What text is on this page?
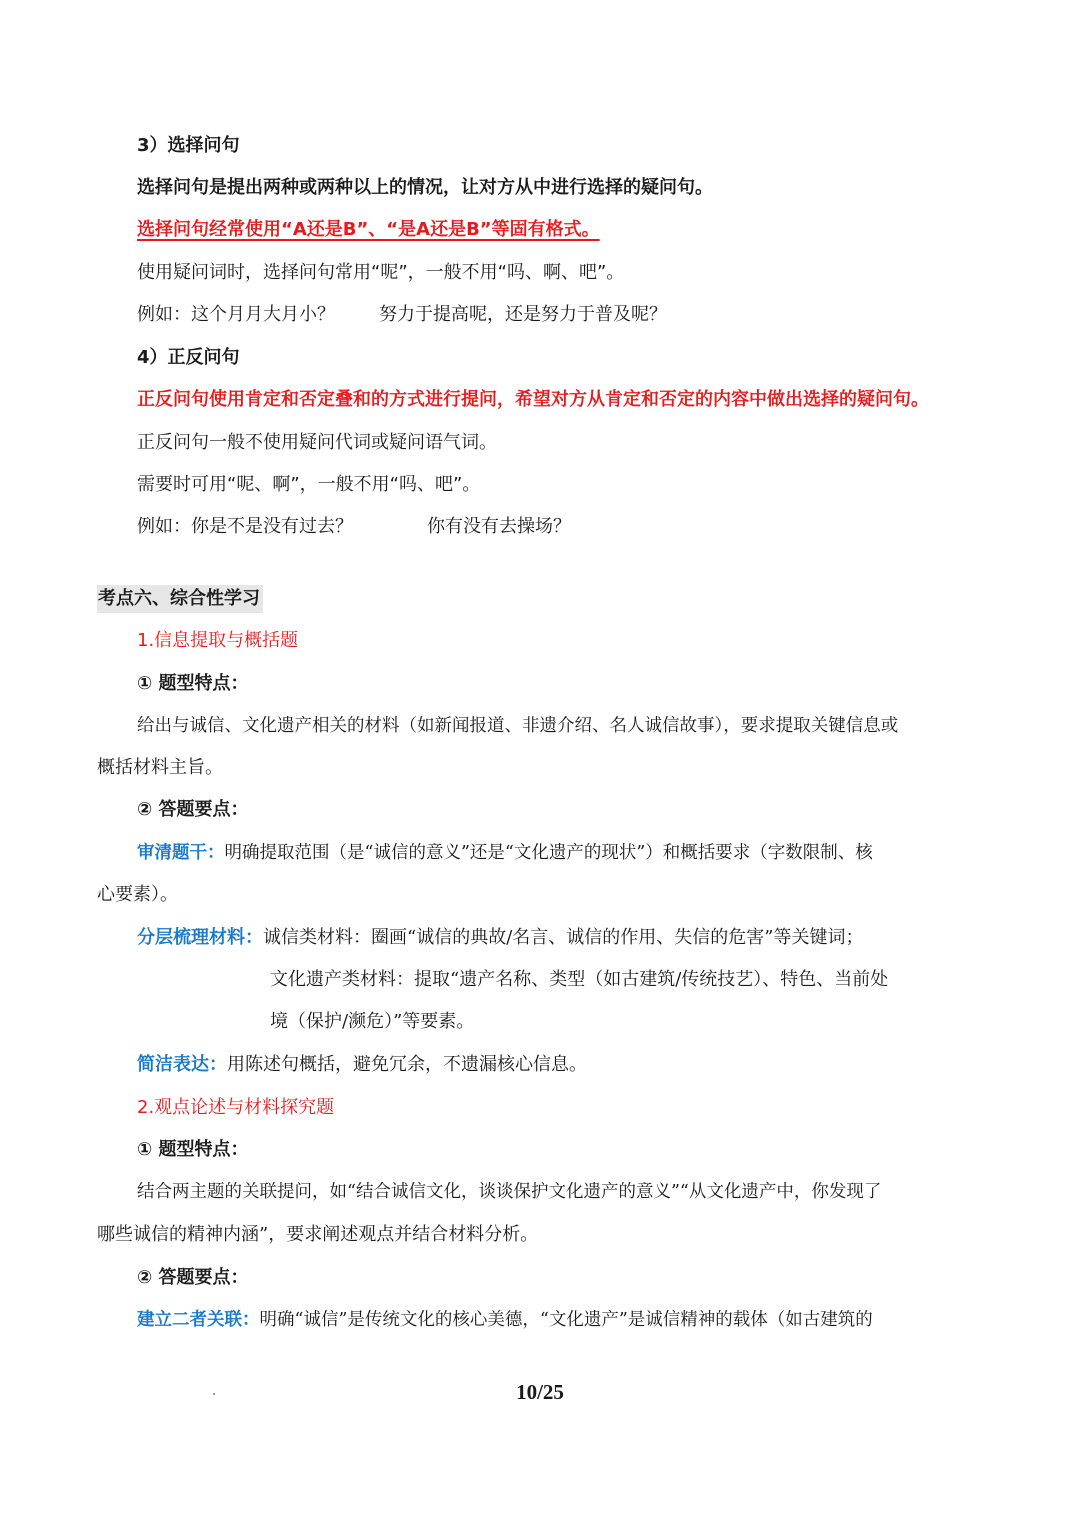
3）选择问句
选择问句是提出两种或两种以上的情况，让对方从中进行选择的疑问句。
选择问句经常使用“A还是B”、“是A还是B”等固有格式。
使用疑问词时，选择问句常用“呢”，一般不用“吗、啊、吧”。
例如：这个月月大月小？ 努力于提高呢，还是努力于普及呢？
4）正反问句
正反问句使用肯定和否定叠和的方式进行提问，希望对方从肯定和否定的内容中做出选择的疑问句。
正反问句一般不使用疑问代词或疑问语气词。
需要时可用“呢、啊”，一般不用“吗、吧”。
例如：你是不是没有过去？	你有没有去操场？
考点六、综合性学习
1.信息提取与概括题
① 题型特点：
给出与诚信、文化遗产相关的材料（如新闻报道、非遗介绍、名人诚信故事），要求提取关键信息或
概括材料主旨。
② 答题要点：
审清题干：明确提取范围（是“诚信的意义”还是“文化遗产的现状”）和概括要求（字数限制、核
心要素）。
分层梳理材料：诚信类材料：圈画“诚信的典故/名言、诚信的作用、失信的危害”等关键词；
文化遗产类材料：提取“遗产名称、类型（如古建筑/传统技艺）、特色、当前处
境（保护/濒危）”等要素。
简洁表达：用陈述句概括，避免冗余，不遗漏核心信息。
2.观点论述与材料探究题
① 题型特点：
结合两主题的关联提问，如“结合诚信文化，谈谈保护文化遗产的意义”“从文化遗产中，你发现了
哪些诚信的精神内涵”，要求阐述观点并结合材料分析。
② 答题要点：
建立二者关联：明确“诚信”是传统文化的核心美德，“文化遗产”是诚信精神的载体（如古建筑的
10/25
